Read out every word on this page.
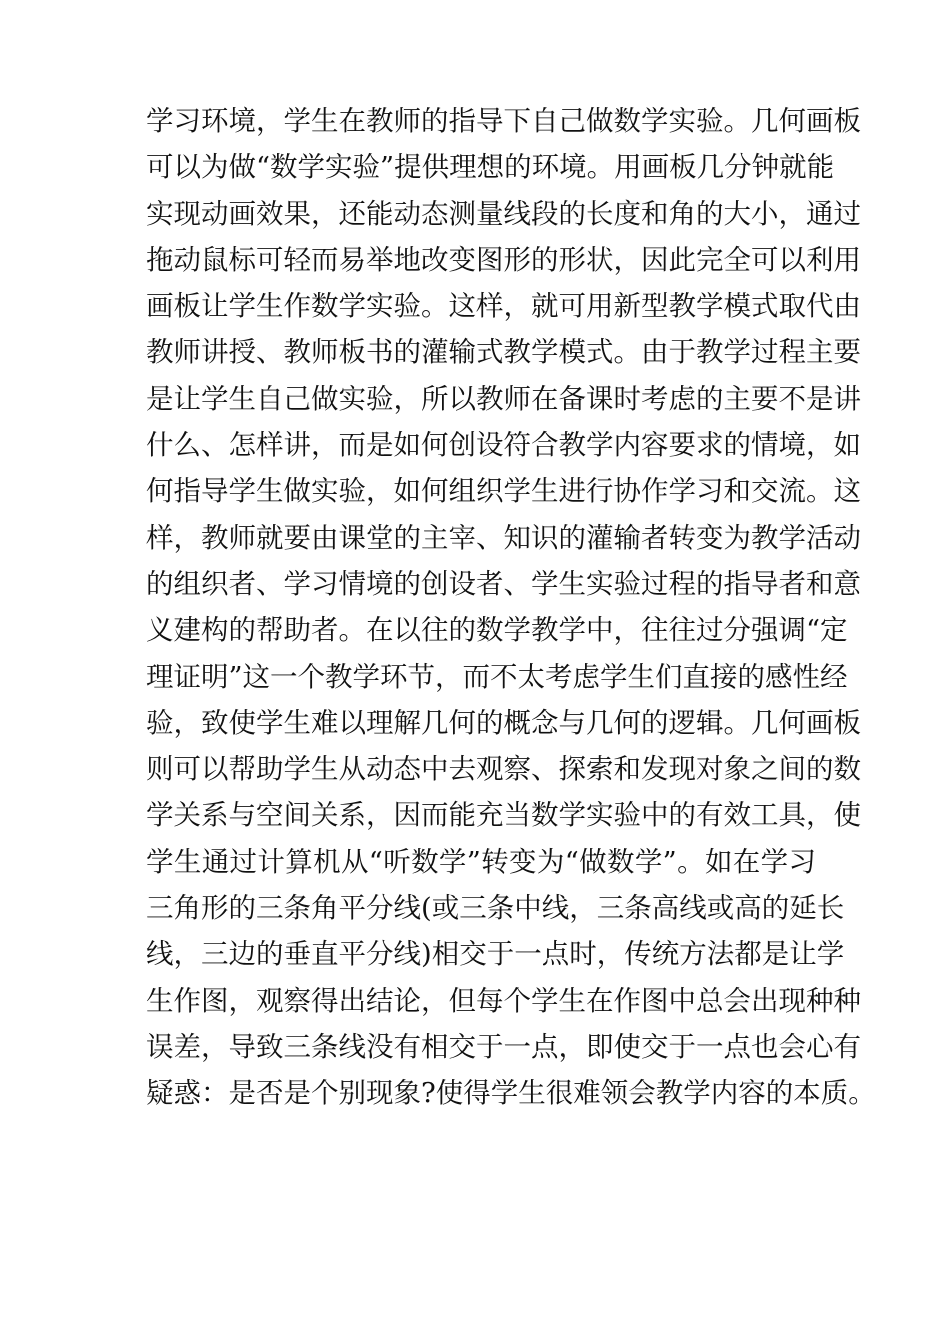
学习环境，学生在教师的指导下自己做数学实验。几何画板
可以为做“数学实验”提供理想的环境。用画板几分钟就能
实现动画效果，还能动态测量线段的长度和角的大小，通过
拖动鼠标可轻而易举地改变图形的形状，因此完全可以利用
画板让学生作数学实验。这样，就可用新型教学模式取代由
教师讲授、教师板书的灌输式教学模式。由于教学过程主要
是让学生自己做实验，所以教师在备课时考虑的主要不是讲
什么、怎样讲，而是如何创设符合教学内容要求的情境，如
何指导学生做实验，如何组织学生进行协作学习和交流。这
样，教师就要由课堂的主宰、知识的灌输者转变为教学活动
的组织者、学习情境的创设者、学生实验过程的指导者和意
义建构的帮助者。在以往的数学教学中，往往过分强调“定
理证明”这一个教学环节，而不太考虑学生们直接的感性经
验，致使学生难以理解几何的概念与几何的逻辑。几何画板
则可以帮助学生从动态中去观察、探索和发现对象之间的数
学关系与空间关系，因而能充当数学实验中的有效工具，使
学生通过计算机从“听数学”转变为“做数学”。如在学习
三角形的三条角平分线(或三条中线，三条高线或高的延长
线，三边的垂直平分线)相交于一点时，传统方法都是让学
生作图，观察得出结论，但每个学生在作图中总会出现种种
误差，导致三条线没有相交于一点，即使交于一点也会心有
疑惑：是否是个别现象?使得学生很难领会教学内容的本质。
